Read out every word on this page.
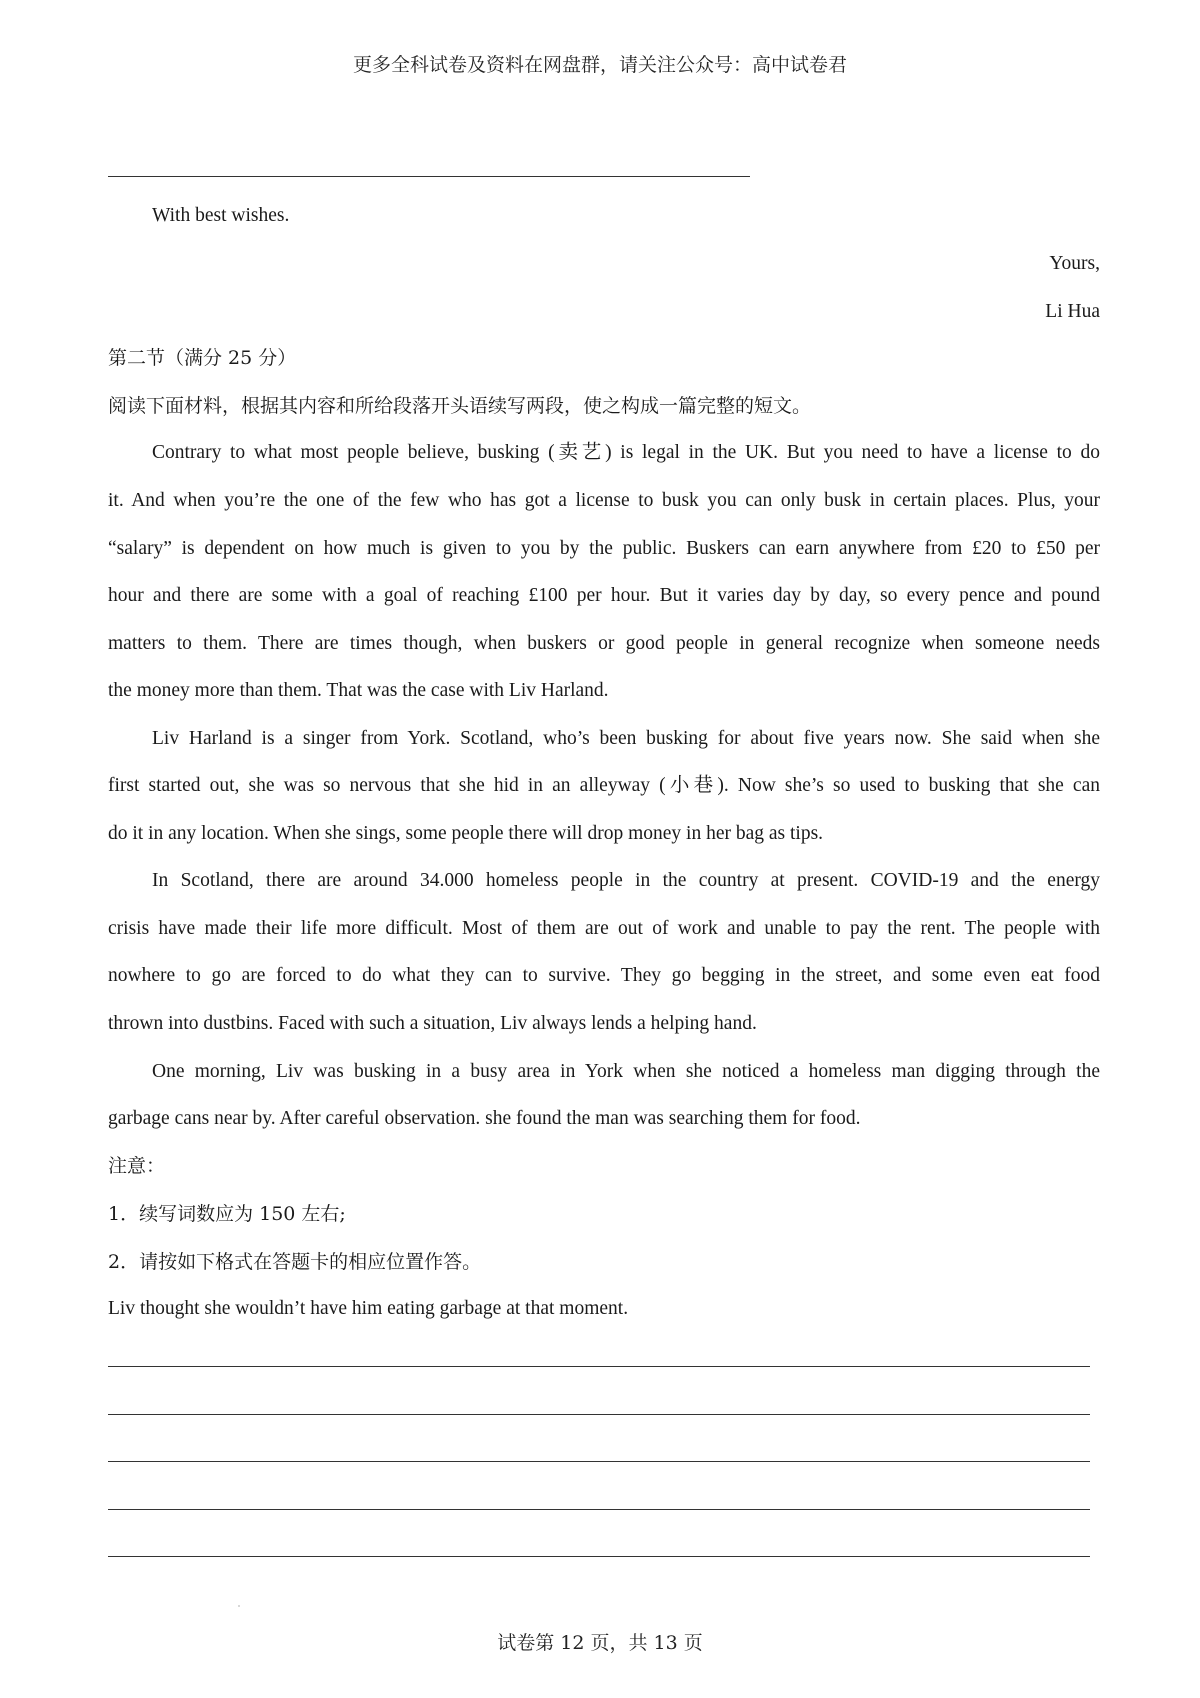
更多全科试卷及资料在网盘群，请关注公众号：高中试卷君
With best wishes.
Yours,
Li Hua
第二节（满分 25 分）
阅读下面材料，根据其内容和所给段落开头语续写两段，使之构成一篇完整的短文。
Contrary to what most people believe, busking (卖艺) is legal in the UK. But you need to have a license to do
it. And when you’re the one of the few who has got a license to busk you can only busk in certain places. Plus, your
“salary” is dependent on how much is given to you by the public. Buskers can earn anywhere from £20 to £50 per
hour and there are some with a goal of reaching £100 per hour. But it varies day by day, so every pence and pound
matters to them. There are times though, when buskers or good people in general recognize when someone needs
the money more than them. That was the case with Liv Harland.
Liv Harland is a singer from York. Scotland, who’s been busking for about five years now. She said when she
first started out, she was so nervous that she hid in an alleyway (小巷). Now she’s so used to busking that she can
do it in any location. When she sings, some people there will drop money in her bag as tips.
In Scotland, there are around 34.000 homeless people in the country at present. COVID-19 and the energy
crisis have made their life more difficult. Most of them are out of work and unable to pay the rent. The people with
nowhere to go are forced to do what they can to survive. They go begging in the street, and some even eat food
thrown into dustbins. Faced with such a situation, Liv always lends a helping hand.
One morning, Liv was busking in a busy area in York when she noticed a homeless man digging through the
garbage cans near by. After careful observation. she found the man was searching them for food.
注意：
1．续写词数应为 150 左右;
2．请按如下格式在答题卡的相应位置作答。
Liv thought she wouldn’t have him eating garbage at that moment.
试卷第 12 页，共 13 页
